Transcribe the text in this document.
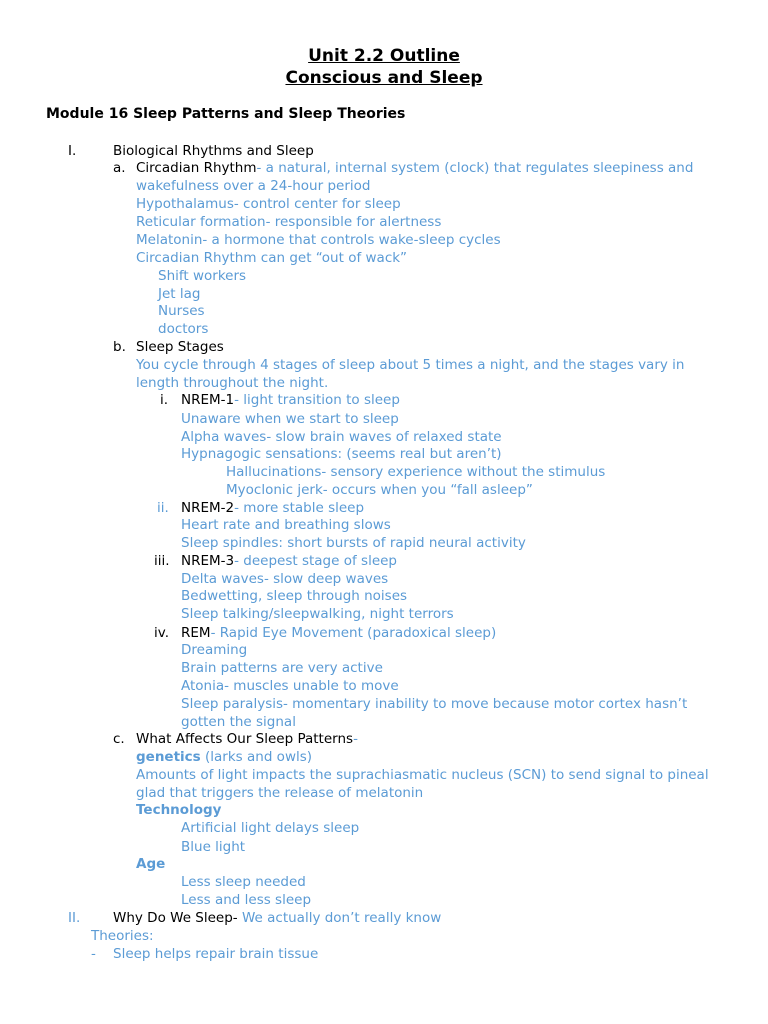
Unit 2.2 Outline
Conscious and Sleep
Module 16 Sleep Patterns and Sleep Theories
I.	Biological Rhythms and Sleep
a. Circadian Rhythm- a natural, internal system (clock) that regulates sleepiness and
wakefulness over a 24-hour period
Hypothalamus- control center for sleep
Reticular formation- responsible for alertness
Melatonin- a hormone that controls wake-sleep cycles
Circadian Rhythm can get “out of wack”
Shift workers
Jet lag
Nurses
doctors
b. Sleep Stages
You cycle through 4 stages of sleep about 5 times a night, and the stages vary in
length throughout the night.
i. NREM-1- light transition to sleep
Unaware when we start to sleep
Alpha waves- slow brain waves of relaxed state
Hypnagogic sensations: (seems real but aren’t)
Hallucinations- sensory experience without the stimulus
Myoclonic jerk- occurs when you “fall asleep”
ii. NREM-2- more stable sleep
Heart rate and breathing slows
Sleep spindles: short bursts of rapid neural activity
iii. NREM-3- deepest stage of sleep
Delta waves- slow deep waves
Bedwetting, sleep through noises
Sleep talking/sleepwalking, night terrors
iv. REM- Rapid Eye Movement (paradoxical sleep)
Dreaming
Brain patterns are very active
Atonia- muscles unable to move
Sleep paralysis- momentary inability to move because motor cortex hasn’t
gotten the signal
c. What Affects Our Sleep Patterns-
genetics (larks and owls)
Amounts of light impacts the suprachiasmatic nucleus (SCN) to send signal to pineal
glad that triggers the release of melatonin
Technology
Artificial light delays sleep
Blue light
Age
Less sleep needed
Less and less sleep
II. Why Do We Sleep- We actually don’t really know
Theories:
- Sleep helps repair brain tissue
